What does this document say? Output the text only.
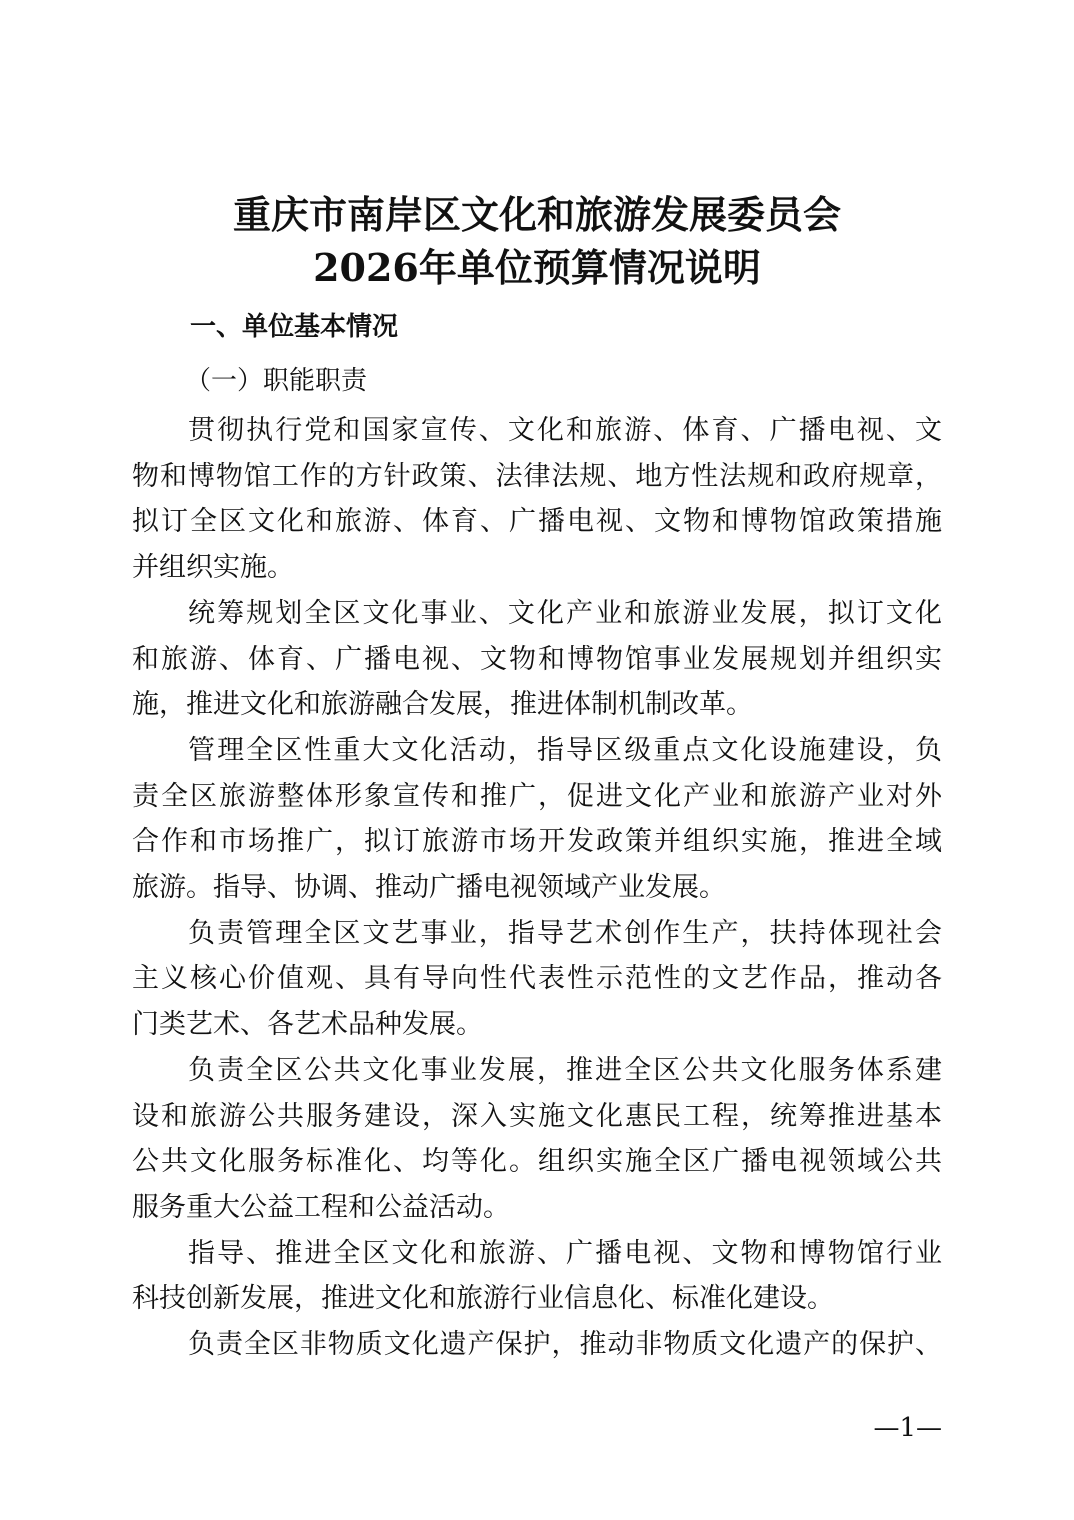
重庆市南岸区文化和旅游发展委员会
2026年单位预算情况说明
一、单位基本情况
（一）职能职责
贯彻执行党和国家宣传、文化和旅游、体育、广播电视、文
物和博物馆工作的方针政策、法律法规、地方性法规和政府规章，
拟订全区文化和旅游、体育、广播电视、文物和博物馆政策措施
并组织实施。
统筹规划全区文化事业、文化产业和旅游业发展，拟订文化
和旅游、体育、广播电视、文物和博物馆事业发展规划并组织实
施，推进文化和旅游融合发展，推进体制机制改革。
管理全区性重大文化活动，指导区级重点文化设施建设，负
责全区旅游整体形象宣传和推广，促进文化产业和旅游产业对外
合作和市场推广，拟订旅游市场开发政策并组织实施，推进全域
旅游。指导、协调、推动广播电视领域产业发展。
负责管理全区文艺事业，指导艺术创作生产，扶持体现社会
主义核心价值观、具有导向性代表性示范性的文艺作品，推动各
门类艺术、各艺术品种发展。
负责全区公共文化事业发展，推进全区公共文化服务体系建
设和旅游公共服务建设，深入实施文化惠民工程，统筹推进基本
公共文化服务标准化、均等化。组织实施全区广播电视领域公共
服务重大公益工程和公益活动。
指导、推进全区文化和旅游、广播电视、文物和博物馆行业
科技创新发展，推进文化和旅游行业信息化、标准化建设。
负责全区非物质文化遗产保护，推动非物质文化遗产的保护、
—1—
